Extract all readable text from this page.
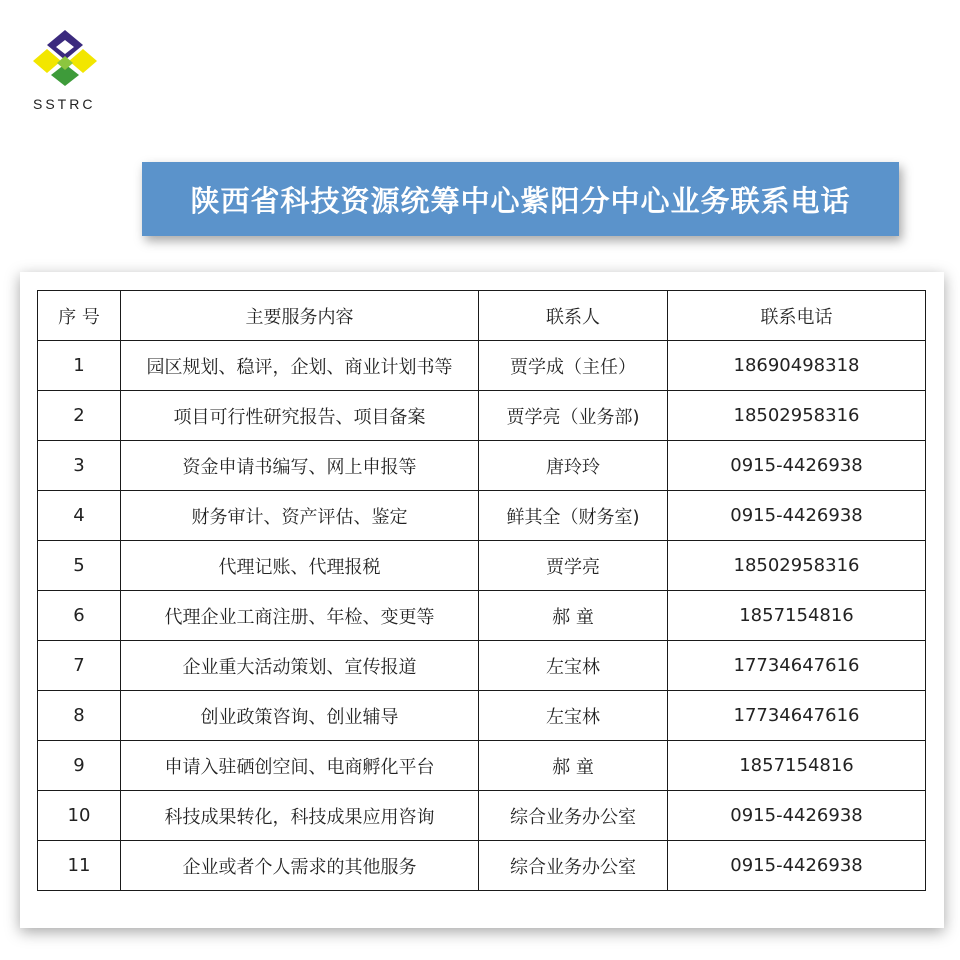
SSTRC
陕西省科技资源统筹中心紫阳分中心业务联系电话
序 号	主要服务内容	联系人	联系电话
1	园区规划、稳评，企划、商业计划书等	贾学成（主任）	18690498318
2	项目可行性研究报告、项目备案	贾学亮（业务部)	18502958316
3	资金申请书编写、网上申报等	唐玲玲	0915-4426938
4	财务审计、资产评估、鉴定	鲜其全（财务室)	0915-4426938
5	代理记账、代理报税	贾学亮	18502958316
6	代理企业工商注册、年检、变更等	郝 童	1857154816
7	企业重大活动策划、宣传报道	左宝林	17734647616
8	创业政策咨询、创业辅导	左宝林	17734647616
9	申请入驻硒创空间、电商孵化平台	郝 童	1857154816
10	科技成果转化，科技成果应用咨询	综合业务办公室	0915-4426938
11	企业或者个人需求的其他服务	综合业务办公室	0915-4426938
